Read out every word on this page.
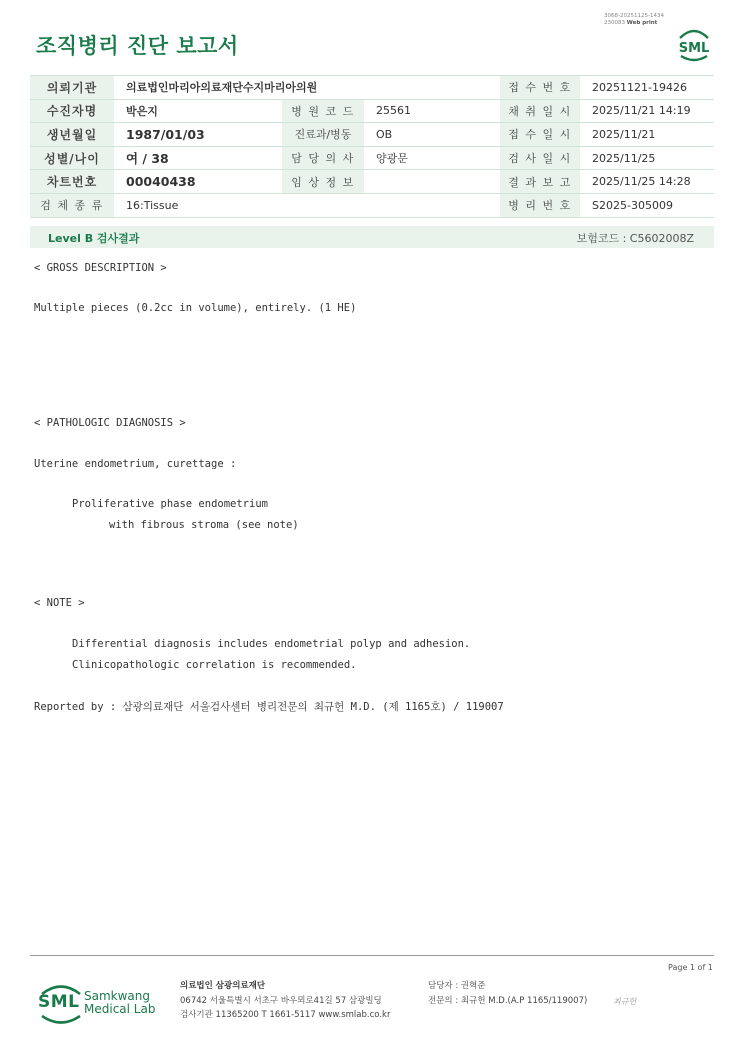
조직병리 진단 보고서
3068-20251125-1434
230083 Web print
SML
의뢰기관	의료법인마리아의료재단수지마리아의원			접 수 번 호	20251121-19426
수진자명	박은지	병 원 코 드	25561	채 취 일 시	2025/11/21 14:19
생년월일	1987/01/03	진료과/병동	OB	접 수 일 시	2025/11/21
성별/나이	여 / 38	담 당 의 사	양광문	검 사 일 시	2025/11/25
차트번호	00040438	임 상 정 보		결 과 보 고	2025/11/25 14:28
검 체 종 류	16:Tissue			병 리 번 호	S2025-305009
Level B 검사결과	보험코드 : C5602008Z
< GROSS DESCRIPTION >
Multiple pieces (0.2cc in volume), entirely. (1 HE)
< PATHOLOGIC DIAGNOSIS >
Uterine endometrium, curettage :
Proliferative phase endometrium
with fibrous stroma (see note)
< NOTE >
Differential diagnosis includes endometrial polyp and adhesion.
Clinicopathologic correlation is recommended.
Reported by : 삼광의료재단 서울검사센터 병리전문의 최규헌 M.D. (제 1165호) / 119007
Page 1 of 1
SML Samkwang
Medical Lab
의료법인 삼광의료재단
06742 서울특별시 서초구 바우뫼로41길 57 삼광빌딩
검사기관 11365200 T 1661-5117 www.smlab.co.kr
담당자 : 권혁준
전문의 : 최규헌 M.D.(A.P 1165/119007)	최규헌
